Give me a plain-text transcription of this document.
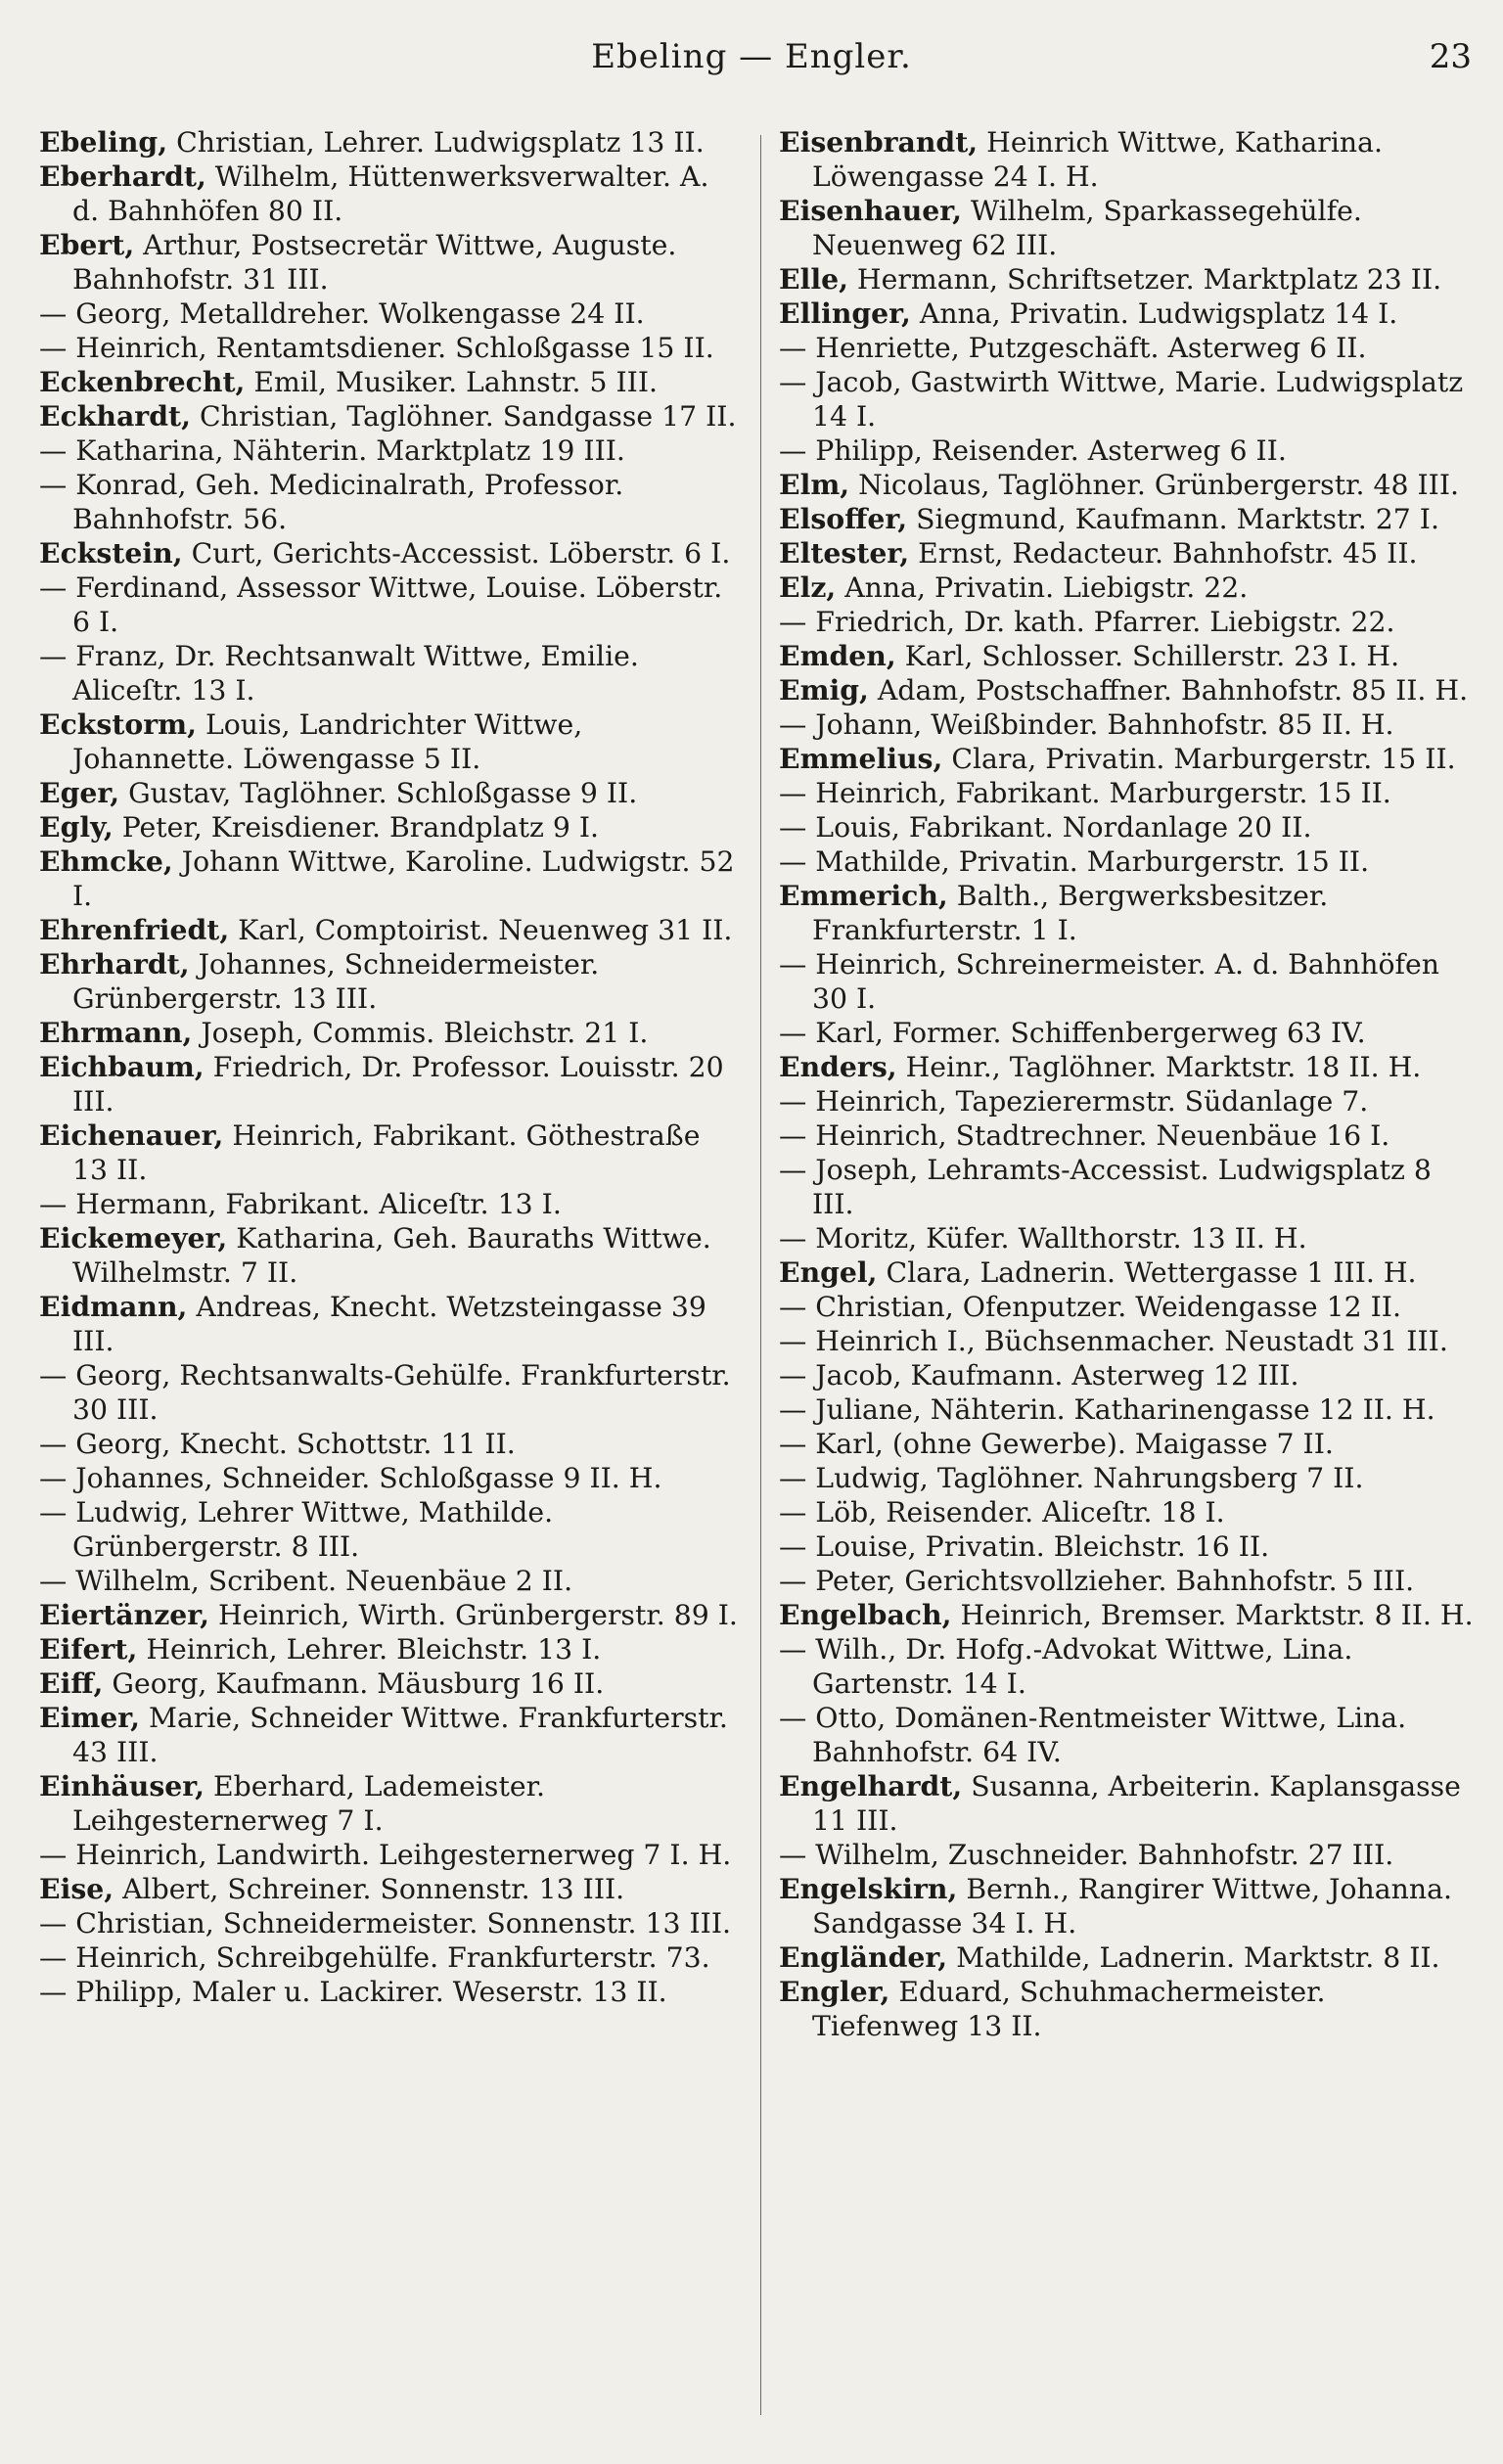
Ebeling — Engler.	23
Ebeling, Christian, Lehrer. Ludwigsplatz 13 II.
Eberhardt, Wilhelm, Hüttenwerksverwalter. A. d. Bahnhöfen 80 II.
Ebert, Arthur, Postsecretär Wittwe, Auguste. Bahnhofstr. 31 III.
— Georg, Metalldreher. Wolkengasse 24 II.
— Heinrich, Rentamtsdiener. Schloßgasse 15 II.
Eckenbrecht, Emil, Musiker. Lahnstr. 5 III.
Eckhardt, Christian, Taglöhner. Sandgasse 17 II.
— Katharina, Nähterin. Marktplatz 19 III.
— Konrad, Geh. Medicinalrath, Professor. Bahnhofstr. 56.
Eckstein, Curt, Gerichts-Accessist. Löberstr. 6 I.
— Ferdinand, Assessor Wittwe, Louise. Löberstr. 6 I.
— Franz, Dr. Rechtsanwalt Wittwe, Emilie. Aliceſtr. 13 I.
Eckstorm, Louis, Landrichter Wittwe, Johannette. Löwengasse 5 II.
Eger, Gustav, Taglöhner. Schloßgasse 9 II.
Egly, Peter, Kreisdiener. Brandplatz 9 I.
Ehmcke, Johann Wittwe, Karoline. Ludwigstr. 52 I.
Ehrenfriedt, Karl, Comptoirist. Neuenweg 31 II.
Ehrhardt, Johannes, Schneidermeister. Grünbergerstr. 13 III.
Ehrmann, Joseph, Commis. Bleichstr. 21 I.
Eichbaum, Friedrich, Dr. Professor. Louisstr. 20 III.
Eichenauer, Heinrich, Fabrikant. Göthestraße 13 II.
— Hermann, Fabrikant. Aliceſtr. 13 I.
Eickemeyer, Katharina, Geh. Bauraths Wittwe. Wilhelmstr. 7 II.
Eidmann, Andreas, Knecht. Wetzsteingasse 39 III.
— Georg, Rechtsanwalts-Gehülfe. Frankfurterstr. 30 III.
— Georg, Knecht. Schottstr. 11 II.
— Johannes, Schneider. Schloßgasse 9 II. H.
— Ludwig, Lehrer Wittwe, Mathilde. Grünbergerstr. 8 III.
— Wilhelm, Scribent. Neuenbäue 2 II.
Eiertänzer, Heinrich, Wirth. Grünbergerstr. 89 I.
Eifert, Heinrich, Lehrer. Bleichstr. 13 I.
Eiff, Georg, Kaufmann. Mäusburg 16 II.
Eimer, Marie, Schneider Wittwe. Frankfurterstr. 43 III.
Einhäuser, Eberhard, Lademeister. Leihgesternerweg 7 I.
— Heinrich, Landwirth. Leihgesternerweg 7 I. H.
Eise, Albert, Schreiner. Sonnenstr. 13 III.
— Christian, Schneidermeister. Sonnenstr. 13 III.
— Heinrich, Schreibgehülfe. Frankfurterstr. 73.
— Philipp, Maler u. Lackirer. Weserstr. 13 II.
Eisenbrandt, Heinrich Wittwe, Katharina. Löwengasse 24 I. H.
Eisenhauer, Wilhelm, Sparkassegehülfe. Neuenweg 62 III.
Elle, Hermann, Schriftsetzer. Marktplatz 23 II.
Ellinger, Anna, Privatin. Ludwigsplatz 14 I.
— Henriette, Putzgeschäft. Asterweg 6 II.
— Jacob, Gastwirth Wittwe, Marie. Ludwigsplatz 14 I.
— Philipp, Reisender. Asterweg 6 II.
Elm, Nicolaus, Taglöhner. Grünbergerstr. 48 III.
Elsoffer, Siegmund, Kaufmann. Marktstr. 27 I.
Eltester, Ernst, Redacteur. Bahnhofstr. 45 II.
Elz, Anna, Privatin. Liebigstr. 22.
— Friedrich, Dr. kath. Pfarrer. Liebigstr. 22.
Emden, Karl, Schlosser. Schillerstr. 23 I. H.
Emig, Adam, Postschaffner. Bahnhofstr. 85 II. H.
— Johann, Weißbinder. Bahnhofstr. 85 II. H.
Emmelius, Clara, Privatin. Marburgerstr. 15 II.
— Heinrich, Fabrikant. Marburgerstr. 15 II.
— Louis, Fabrikant. Nordanlage 20 II.
— Mathilde, Privatin. Marburgerstr. 15 II.
Emmerich, Balth., Bergwerksbesitzer. Frankfurterstr. 1 I.
— Heinrich, Schreinermeister. A. d. Bahnhöfen 30 I.
— Karl, Former. Schiffenbergerweg 63 IV.
Enders, Heinr., Taglöhner. Marktstr. 18 II. H.
— Heinrich, Tapezierermstr. Südanlage 7.
— Heinrich, Stadtrechner. Neuenbäue 16 I.
— Joseph, Lehramts-Accessist. Ludwigsplatz 8 III.
— Moritz, Küfer. Wallthorstr. 13 II. H.
Engel, Clara, Ladnerin. Wettergasse 1 III. H.
— Christian, Ofenputzer. Weidengasse 12 II.
— Heinrich I., Büchsenmacher. Neustadt 31 III.
— Jacob, Kaufmann. Asterweg 12 III.
— Juliane, Nähterin. Katharinengasse 12 II. H.
— Karl, (ohne Gewerbe). Maigasse 7 II.
— Ludwig, Taglöhner. Nahrungsberg 7 II.
— Löb, Reisender. Aliceſtr. 18 I.
— Louise, Privatin. Bleichstr. 16 II.
— Peter, Gerichtsvollzieher. Bahnhofstr. 5 III.
Engelbach, Heinrich, Bremser. Marktstr. 8 II. H.
— Wilh., Dr. Hofg.-Advokat Wittwe, Lina. Gartenstr. 14 I.
— Otto, Domänen-Rentmeister Wittwe, Lina. Bahnhofstr. 64 IV.
Engelhardt, Susanna, Arbeiterin. Kaplansgasse 11 III.
— Wilhelm, Zuschneider. Bahnhofstr. 27 III.
Engelskirn, Bernh., Rangirer Wittwe, Johanna. Sandgasse 34 I. H.
Engländer, Mathilde, Ladnerin. Marktstr. 8 II.
Engler, Eduard, Schuhmachermeister. Tiefenweg 13 II.
